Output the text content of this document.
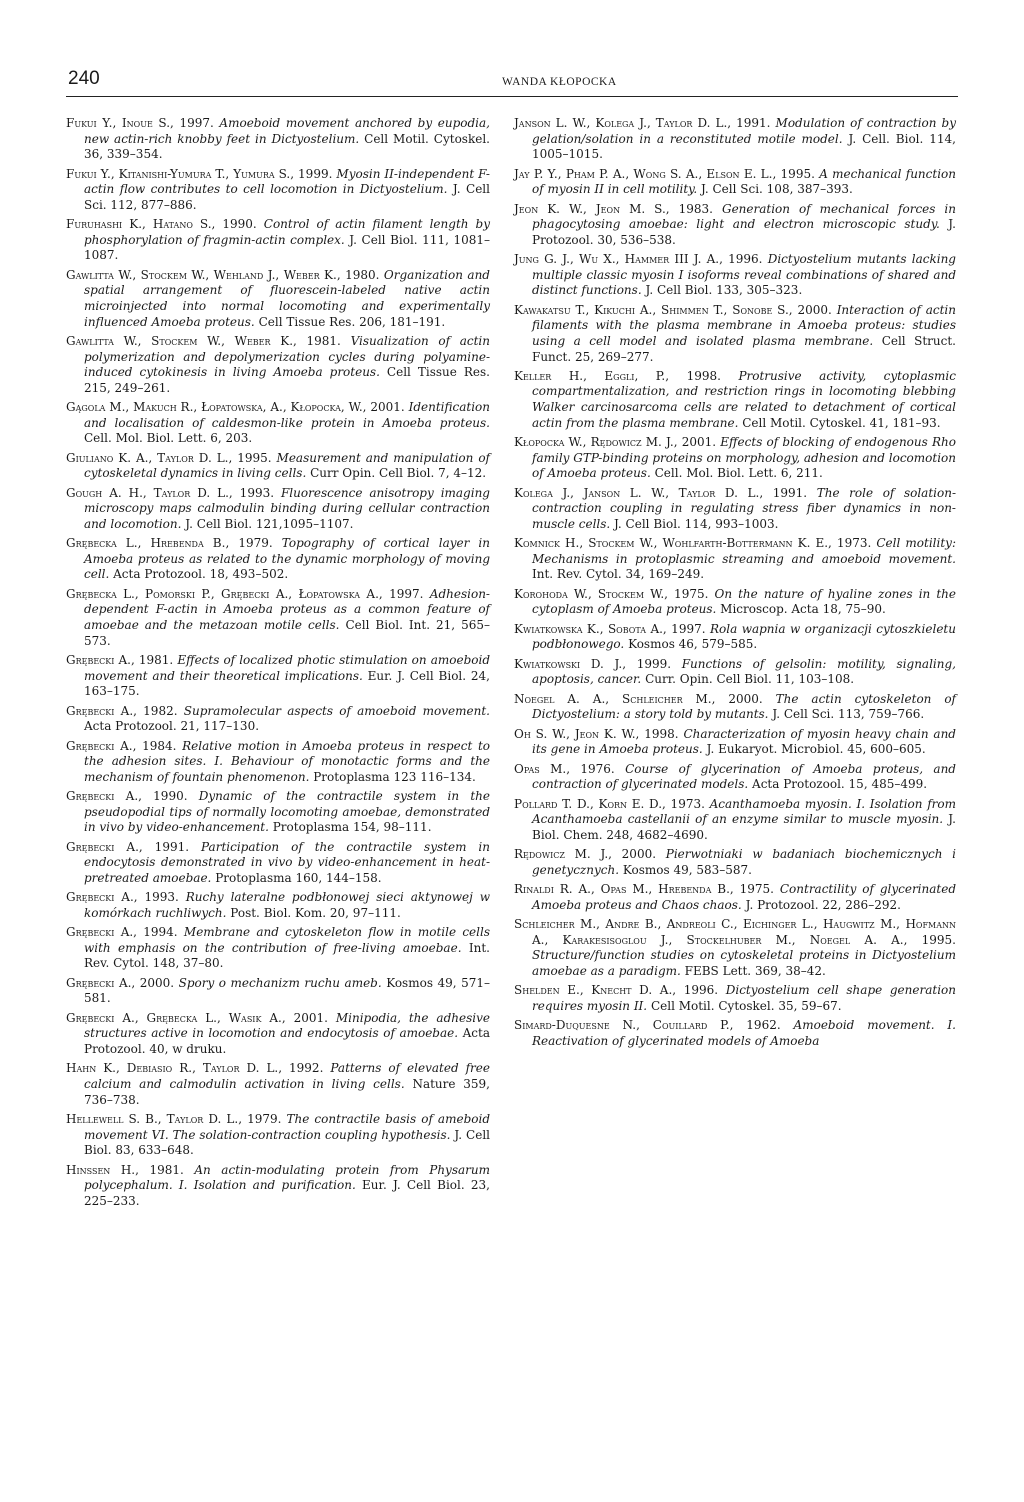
240	WANDA KŁOPOCKA

Fukui Y., Inoue S., 1997. Amoeboid movement anchored by eupodia, new actin-rich knobby feet in Dictyostelium. Cell Motil. Cytoskel. 36, 339–354.

Fukui Y., Kitanishi-Yumura T., Yumura S., 1999. Myosin II-independent F-actin flow contributes to cell locomotion in Dictyostelium. J. Cell Sci. 112, 877–886.

Furuhashi K., Hatano S., 1990. Control of actin filament length by phosphorylation of fragmin-actin complex. J. Cell Biol. 111, 1081–1087.

Gawlitta W., Stockem W., Wehland J., Weber K., 1980. Organization and spatial arrangement of fluorescein-labeled native actin microinjected into normal locomoting and experimentally influenced Amoeba proteus. Cell Tissue Res. 206, 181–191.

Gawlitta W., Stockem W., Weber K., 1981. Visualization of actin polymerization and depolymerization cycles during polyamine-induced cytokinesis in living Amoeba proteus. Cell Tissue Res. 215, 249–261.

Gągola M., Makuch R., Łopatowska, A., Kłopocka, W., 2001. Identification and localisation of caldesmon-like protein in Amoeba proteus. Cell. Mol. Biol. Lett. 6, 203.

Giuliano K. A., Taylor D. L., 1995. Measurement and manipulation of cytoskeletal dynamics in living cells. Curr Opin. Cell Biol. 7, 4–12.

Gough A. H., Taylor D. L., 1993. Fluorescence anisotropy imaging microscopy maps calmodulin binding during cellular contraction and locomotion. J. Cell Biol. 121,1095–1107.

Grębecka L., Hrebenda B., 1979. Topography of cortical layer in Amoeba proteus as related to the dynamic morphology of moving cell. Acta Protozool. 18, 493–502.

Grębecka L., Pomorski P., Grębecki A., Łopatowska A., 1997. Adhesion-dependent F-actin in Amoeba proteus as a common feature of amoebae and the metazoan motile cells. Cell Biol. Int. 21, 565–573.

Grębecki A., 1981. Effects of localized photic stimulation on amoeboid movement and their theoretical implications. Eur. J. Cell Biol. 24, 163–175.

Grębecki A., 1982. Supramolecular aspects of amoeboid movement. Acta Protozool. 21, 117–130.

Grębecki A., 1984. Relative motion in Amoeba proteus in respect to the adhesion sites. I. Behaviour of monotactic forms and the mechanism of fountain phenomenon. Protoplasma 123 116–134.

Grębecki A., 1990. Dynamic of the contractile system in the pseudopodial tips of normally locomoting amoebae, demonstrated in vivo by video-enhancement. Protoplasma 154, 98–111.

Grębecki A., 1991. Participation of the contractile system in endocytosis demonstrated in vivo by video-enhancement in heat-pretreated amoebae. Protoplasma 160, 144–158.

Grębecki A., 1993. Ruchy lateralne podbłonowej sieci aktynowej w komórkach ruchliwych. Post. Biol. Kom. 20, 97–111.

Grębecki A., 1994. Membrane and cytoskeleton flow in motile cells with emphasis on the contribution of free-living amoebae. Int. Rev. Cytol. 148, 37–80.

Grębecki A., 2000. Spory o mechanizm ruchu ameb. Kosmos 49, 571–581.

Grębecki A., Grębecka L., Wasik A., 2001. Minipodia, the adhesive structures active in locomotion and endocytosis of amoebae. Acta Protozool. 40, w druku.

Hahn K., Debiasio R., Taylor D. L., 1992. Patterns of elevated free calcium and calmodulin activation in living cells. Nature 359, 736–738.

Hellewell S. B., Taylor D. L., 1979. The contractile basis of ameboid movement VI. The solation-contraction coupling hypothesis. J. Cell Biol. 83, 633–648.

Hinssen H., 1981. An actin-modulating protein from Physarum polycephalum. I. Isolation and purification. Eur. J. Cell Biol. 23, 225–233.

Janson L. W., Kolega J., Taylor D. L., 1991. Modulation of contraction by gelation/solation in a reconstituted motile model. J. Cell. Biol. 114, 1005–1015.

Jay P. Y., Pham P. A., Wong S. A., Elson E. L., 1995. A mechanical function of myosin II in cell motility. J. Cell Sci. 108, 387–393.

Jeon K. W., Jeon M. S., 1983. Generation of mechanical forces in phagocytosing amoebae: light and electron microscopic study. J. Protozool. 30, 536–538.

Jung G. J., Wu X., Hammer III J. A., 1996. Dictyostelium mutants lacking multiple classic myosin I isoforms reveal combinations of shared and distinct functions. J. Cell Biol. 133, 305–323.

Kawakatsu T., Kikuchi A., Shimmen T., Sonobe S., 2000. Interaction of actin filaments with the plasma membrane in Amoeba proteus: studies using a cell model and isolated plasma membrane. Cell Struct. Funct. 25, 269–277.

Keller H., Eggli, P., 1998. Protrusive activity, cytoplasmic compartmentalization, and restriction rings in locomoting blebbing Walker carcinosarcoma cells are related to detachment of cortical actin from the plasma membrane. Cell Motil. Cytoskel. 41, 181–93.

Kłopocka W., Rędowicz M. J., 2001. Effects of blocking of endogenous Rho family GTP-binding proteins on morphology, adhesion and locomotion of Amoeba proteus. Cell. Mol. Biol. Lett. 6, 211.

Kolega J., Janson L. W., Taylor D. L., 1991. The role of solation-contraction coupling in regulating stress fiber dynamics in non-muscle cells. J. Cell Biol. 114, 993–1003.

Komnick H., Stockem W., Wohlfarth-Bottermann K. E., 1973. Cell motility: Mechanisms in protoplasmic streaming and amoeboid movement. Int. Rev. Cytol. 34, 169–249.

Korohoda W., Stockem W., 1975. On the nature of hyaline zones in the cytoplasm of Amoeba proteus. Microscop. Acta 18, 75–90.

Kwiatkowska K., Sobota A., 1997. Rola wapnia w organizacji cytoszkieletu podbłonowego. Kosmos 46, 579–585.

Kwiatkowski D. J., 1999. Functions of gelsolin: motility, signaling, apoptosis, cancer. Curr. Opin. Cell Biol. 11, 103–108.

Noegel A. A., Schleicher M., 2000. The actin cytoskeleton of Dictyostelium: a story told by mutants. J. Cell Sci. 113, 759–766.

Oh S. W., Jeon K. W., 1998. Characterization of myosin heavy chain and its gene in Amoeba proteus. J. Eukaryot. Microbiol. 45, 600–605.

Opas M., 1976. Course of glycerination of Amoeba proteus, and contraction of glycerinated models. Acta Protozool. 15, 485–499.

Pollard T. D., Korn E. D., 1973. Acanthamoeba myosin. I. Isolation from Acanthamoeba castellanii of an enzyme similar to muscle myosin. J. Biol. Chem. 248, 4682–4690.

Rędowicz M. J., 2000. Pierwotniaki w badaniach biochemicznych i genetycznych. Kosmos 49, 583–587.

Rinaldi R. A., Opas M., Hrebenda B., 1975. Contractility of glycerinated Amoeba proteus and Chaos chaos. J. Protozool. 22, 286–292.

Schleicher M., Andre B., Andreoli C., Eichinger L., Haugwitz M., Hofmann A., Karakesisoglou J., Stockelhuber M., Noegel A. A., 1995. Structure/function studies on cytoskeletal proteins in Dictyostelium amoebae as a paradigm. FEBS Lett. 369, 38–42.

Shelden E., Knecht D. A., 1996. Dictyostelium cell shape generation requires myosin II. Cell Motil. Cytoskel. 35, 59–67.

Simard-Duquesne N., Couillard P., 1962. Amoeboid movement. I. Reactivation of glycerinated models of Amoeba
